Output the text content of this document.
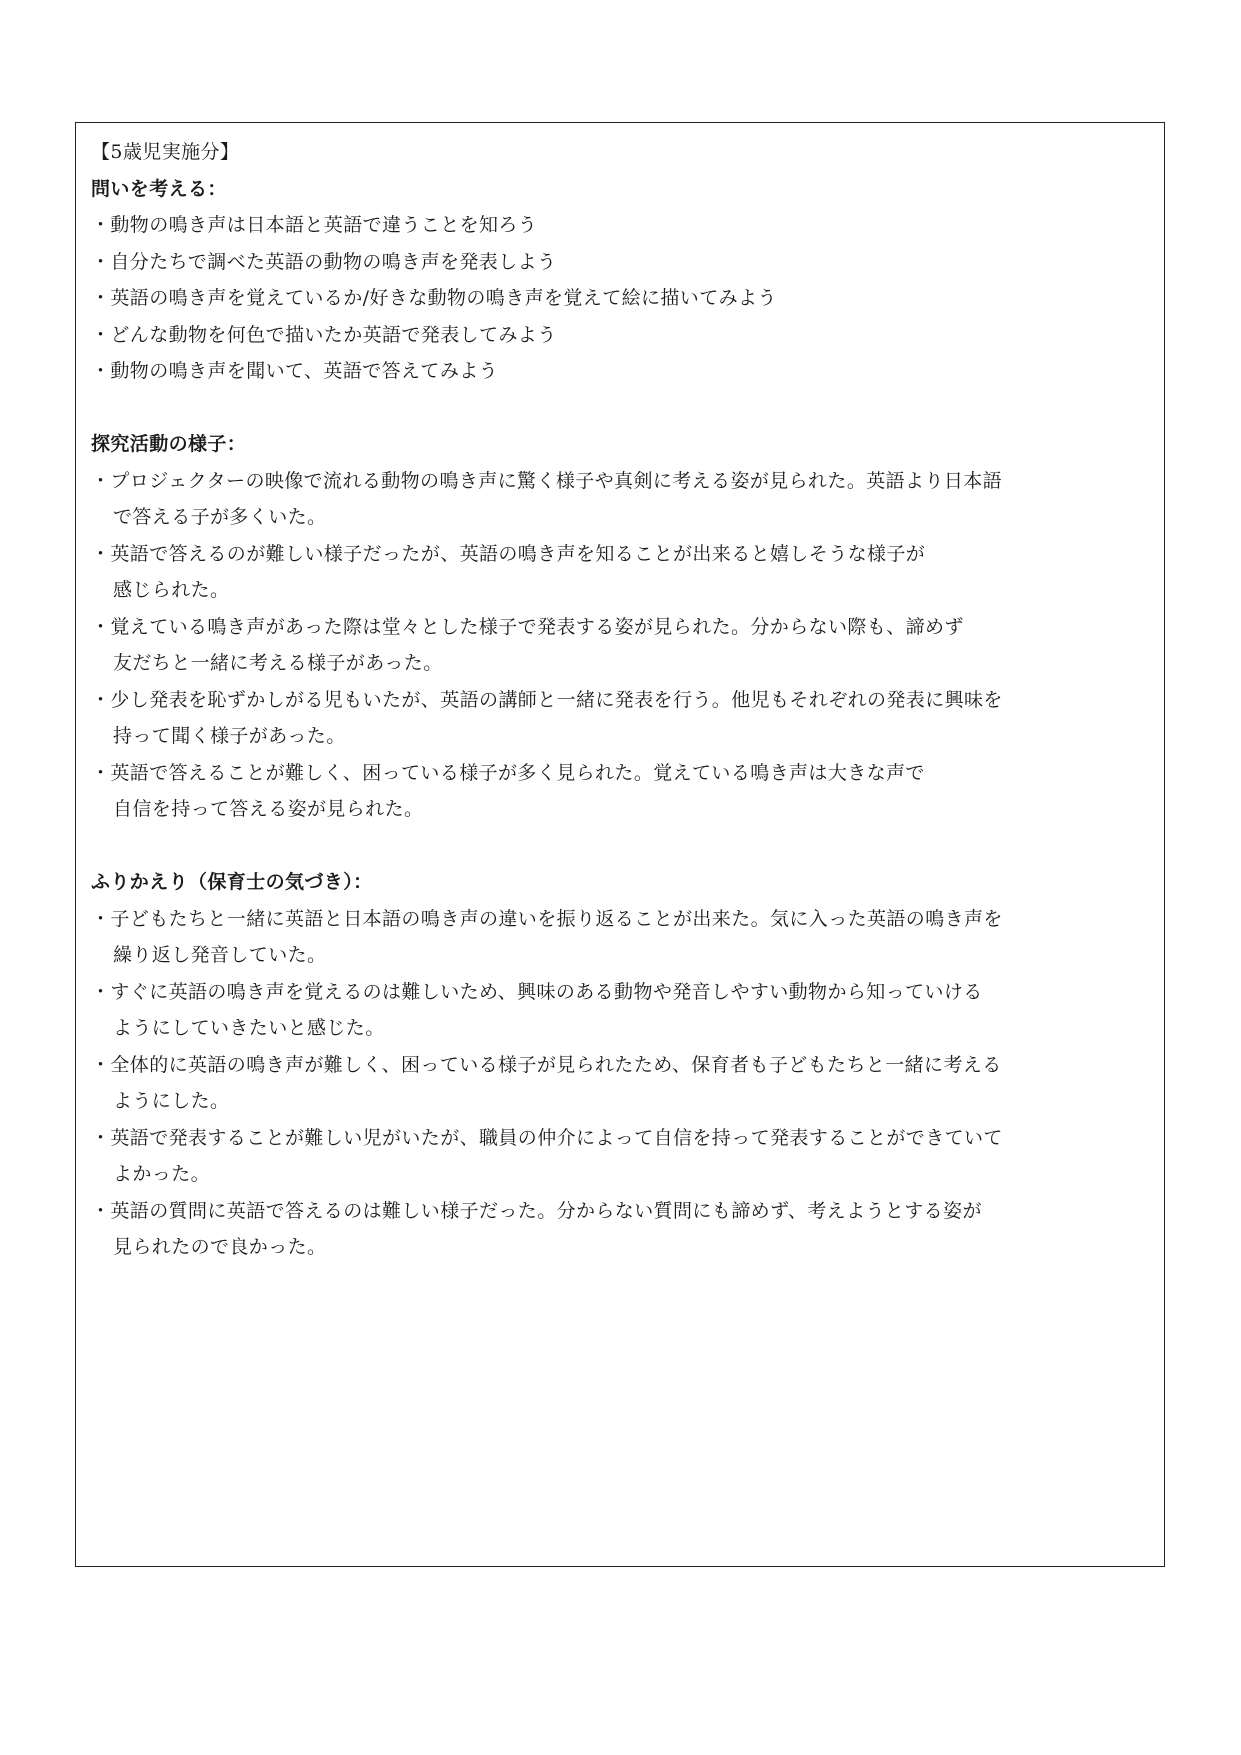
【5歳児実施分】
問いを考える：
・動物の鳴き声は日本語と英語で違うことを知ろう
・自分たちで調べた英語の動物の鳴き声を発表しよう
・英語の鳴き声を覚えているか/好きな動物の鳴き声を覚えて絵に描いてみよう
・どんな動物を何色で描いたか英語で発表してみよう
・動物の鳴き声を聞いて、英語で答えてみよう
探究活動の様子：
・プロジェクターの映像で流れる動物の鳴き声に驚く様子や真剣に考える姿が見られた。英語より日本語
で答える子が多くいた。
・英語で答えるのが難しい様子だったが、英語の鳴き声を知ることが出来ると嬉しそうな様子が
感じられた。
・覚えている鳴き声があった際は堂々とした様子で発表する姿が見られた。分からない際も、諦めず
友だちと一緒に考える様子があった。
・少し発表を恥ずかしがる児もいたが、英語の講師と一緒に発表を行う。他児もそれぞれの発表に興味を
持って聞く様子があった。
・英語で答えることが難しく、困っている様子が多く見られた。覚えている鳴き声は大きな声で
自信を持って答える姿が見られた。
ふりかえり（保育士の気づき）：
・子どもたちと一緒に英語と日本語の鳴き声の違いを振り返ることが出来た。気に入った英語の鳴き声を
繰り返し発音していた。
・すぐに英語の鳴き声を覚えるのは難しいため、興味のある動物や発音しやすい動物から知っていける
ようにしていきたいと感じた。
・全体的に英語の鳴き声が難しく、困っている様子が見られたため、保育者も子どもたちと一緒に考える
ようにした。
・英語で発表することが難しい児がいたが、職員の仲介によって自信を持って発表することができていて
よかった。
・英語の質問に英語で答えるのは難しい様子だった。分からない質問にも諦めず、考えようとする姿が
見られたので良かった。
